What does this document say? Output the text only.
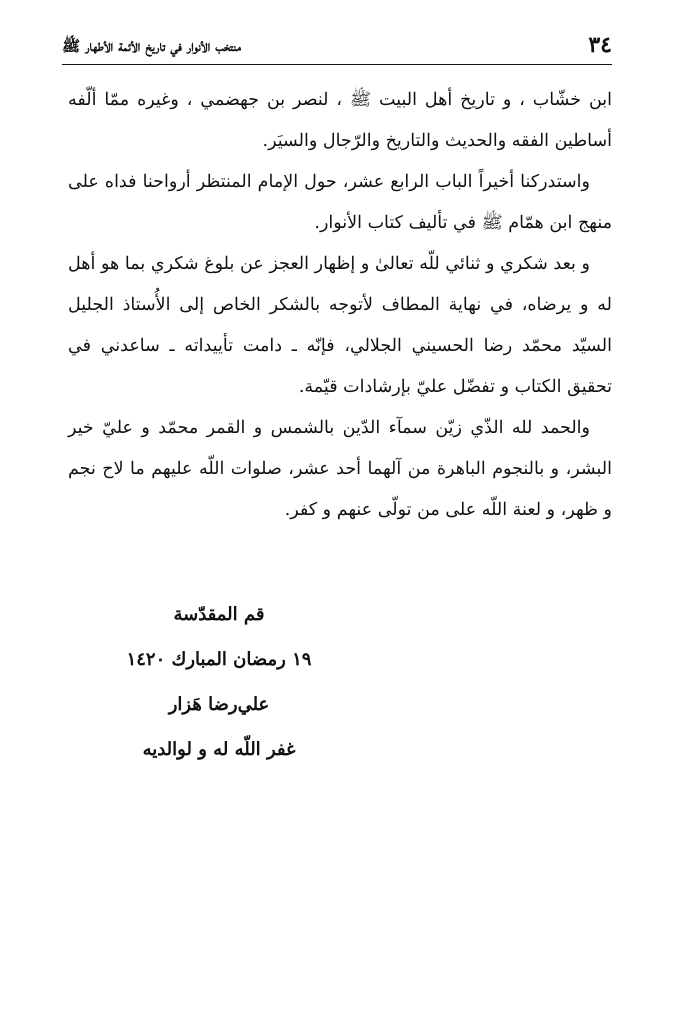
٣٤
منتخب الأنوار في تاريخ الأئمة الأطهار ﷺ

ابن خشّاب ، و تاريخ أهل البيت ﷺ ، لنصر بن جهضمي ، وغيره ممّا ألّفه أساطين الفقه والحديث والتاريخ والرّجال والسيَر.

واستدركنا أخيراً الباب الرابع عشر، حول الإمام المنتظر أرواحنا فداه على منهج ابن همّام ﷺ في تأليف كتاب الأنوار.

و بعد شكري و ثنائي للّه تعالىٰ و إظهار العجز عن بلوغ شكري بما هو أهل له و يرضاه، في نهاية المطاف لأتوجه بالشكر الخاص إلى الأُستاذ الجليل السيّد محمّد رضا الحسيني الجلالي، فإنّه ـ دامت تأييداته ـ ساعدني في تحقيق الكتاب و تفضّل عليّ بإرشادات قيّمة.

والحمد لله الذّي زيّن سمآء الدّين بالشمس و القمر محمّد و عليّ خير البشر، و بالنجوم الباهرة من آلهما أحد عشر، صلوات اللّه عليهم ما لاح نجم و ظهر، و لعنة اللّه على من تولّى عنهم و كفر.

قم المقدّسة
١٩ رمضان المبارك ١٤٢٠
علي‌رضا هَزار
غفر اللّه له و لوالديه
